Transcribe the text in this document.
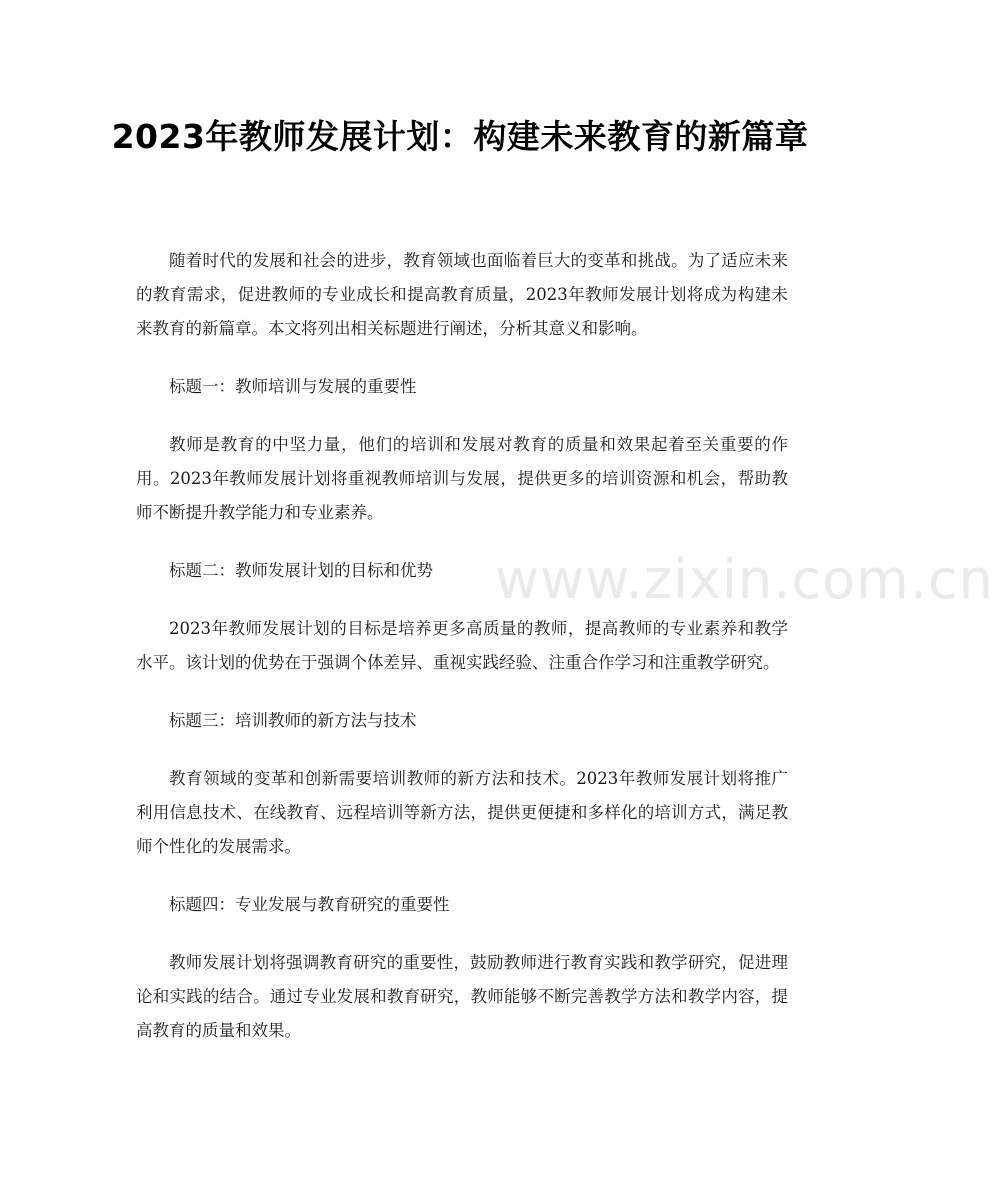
2023年教师发展计划：构建未来教育的新篇章

随着时代的发展和社会的进步，教育领域也面临着巨大的变革和挑战。为了适应未来的教育需求，促进教师的专业成长和提高教育质量，2023年教师发展计划将成为构建未来教育的新篇章。本文将列出相关标题进行阐述，分析其意义和影响。

标题一：教师培训与发展的重要性

教师是教育的中坚力量，他们的培训和发展对教育的质量和效果起着至关重要的作用。2023年教师发展计划将重视教师培训与发展，提供更多的培训资源和机会，帮助教师不断提升教学能力和专业素养。

标题二：教师发展计划的目标和优势

2023年教师发展计划的目标是培养更多高质量的教师，提高教师的专业素养和教学水平。该计划的优势在于强调个体差异、重视实践经验、注重合作学习和注重教学研究。

标题三：培训教师的新方法与技术

教育领域的变革和创新需要培训教师的新方法和技术。2023年教师发展计划将推广利用信息技术、在线教育、远程培训等新方法，提供更便捷和多样化的培训方式，满足教师个性化的发展需求。

标题四：专业发展与教育研究的重要性

教师发展计划将强调教育研究的重要性，鼓励教师进行教育实践和教学研究，促进理论和实践的结合。通过专业发展和教育研究，教师能够不断完善教学方法和教学内容，提高教育的质量和效果。

www.zixin.com.cn
